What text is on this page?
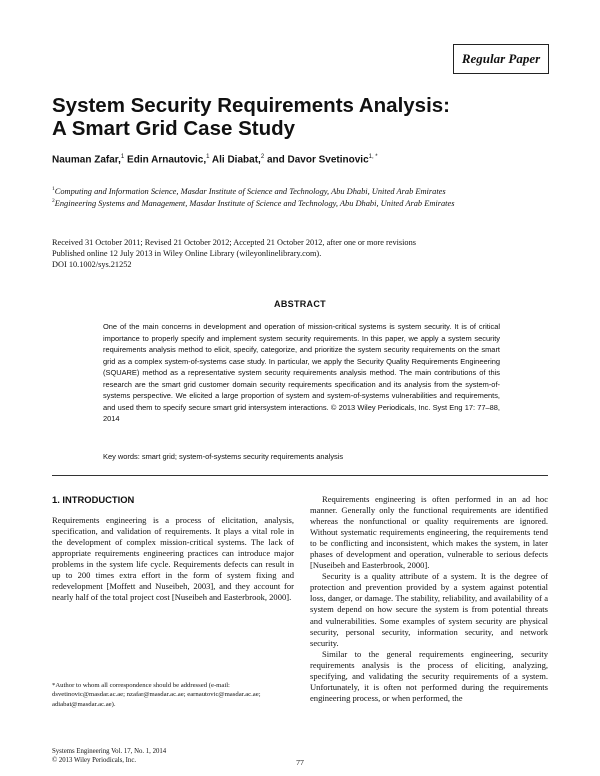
Regular Paper
System Security Requirements Analysis:
A Smart Grid Case Study
Nauman Zafar,$^1$ Edin Arnautovic,$^1$ Ali Diabat,$^2$ and Davor Svetinovic$^{1, *}$
$^1$Computing and Information Science, Masdar Institute of Science and Technology, Abu Dhabi, United Arab Emirates
$^2$Engineering Systems and Management, Masdar Institute of Science and Technology, Abu Dhabi, United Arab Emirates
Received 31 October 2011; Revised 21 October 2012; Accepted 21 October 2012, after one or more revisions
Published online 12 July 2013 in Wiley Online Library (wileyonlinelibrary.com).
DOI 10.1002/sys.21252
ABSTRACT
One of the main concerns in development and operation of mission-critical systems is system security. It is of critical importance to properly specify and implement system security requirements. In this paper, we apply a system security requirements analysis method to elicit, specify, categorize, and prioritize the system security requirements on the smart grid as a complex system-of-systems case study. In particular, we apply the Security Quality Requirements Engineering (SQUARE) method as a representative system security requirements analysis method. The main contributions of this research are the smart grid customer domain security requirements specification and its analysis from the system-of-systems perspective. We elicited a large proportion of system and system-of-systems vulnerabilities and requirements, and used them to specify secure smart grid intersystem interactions. © 2013 Wiley Periodicals, Inc. Syst Eng 17: 77–88, 2014
Key words: smart grid; system-of-systems security requirements analysis
1. INTRODUCTION

Requirements engineering is a process of elicitation, analysis, specification, and validation of requirements. It plays a vital role in the development of complex mission-critical systems. The lack of appropriate requirements engineering practices can introduce major problems in the system life cycle. Requirements defects can result in up to 200 times extra effort in the form of system fixing and redevelopment [Moffett and Nuseibeh, 2003], and they account for nearly half of the total project cost [Nuseibeh and Easterbrook, 2000].

*Author to whom all correspondence should be addressed (e-mail: dsvetinovic@masdar.ac.ae; nzafar@masdar.ac.ae; earnautovic@masdar.ac.ae; adiabat@masdar.ac.ae).
Systems Engineering Vol. 17, No. 1, 2014
© 2013 Wiley Periodicals, Inc.

Requirements engineering is often performed in an ad hoc manner. Generally only the functional requirements are identified whereas the nonfunctional or quality requirements are ignored. Without systematic requirements engineering, the requirements tend to be conflicting and inconsistent, which makes the system, in later phases of development and operation, vulnerable to serious defects [Nuseibeh and Easterbrook, 2000].

Security is a quality attribute of a system. It is the degree of protection and prevention provided by a system against potential loss, danger, or damage. The stability, reliability, and availability of a system depend on how secure the system is from potential threats and vulnerabilities. Some examples of system security are physical security, personal security, information security, and network security.

Similar to the general requirements engineering, security requirements analysis is the process of eliciting, analyzing, specifying, and validating the security requirements of a system. Unfortunately, it is often not performed during the requirements engineering process, or when performed, the

77
